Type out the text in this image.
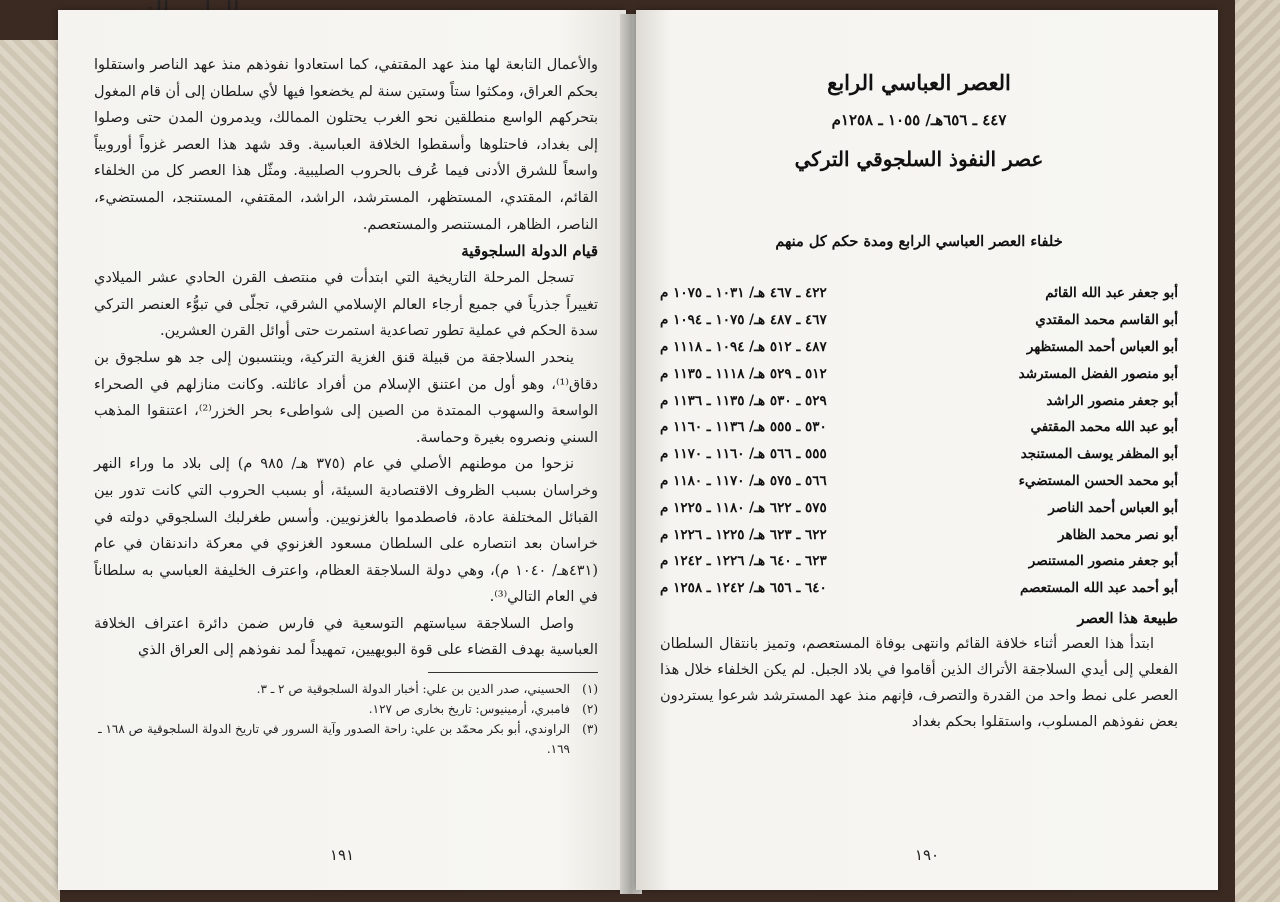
والأعمال التابعة لها منذ عهد المقتفي، كما استعادوا نفوذهم منذ عهد الناصر واستقلوا بحكم العراق، ومكثوا ستاً وستين سنة لم يخضعوا فيها لأي سلطان إلى أن قام المغول بتحركهم الواسع منطلقين نحو الغرب يحتلون الممالك، ويدمرون المدن حتى وصلوا إلى بغداد، فاحتلوها وأسقطوا الخلافة العباسية. وقد شهد هذا العصر غزواً أوروبياً واسعاً للشرق الأدنى فيما عُرف بالحروب الصليبية. ومثّل هذا العصر كل من الخلفاء القائم، المقتدي، المستظهر، المسترشد، الراشد، المقتفي، المستنجد، المستضيء، الناصر، الظاهر، المستنصر والمستعصم.

قيام الدولة السلجوقية

تسجل المرحلة التاريخية التي ابتدأت في منتصف القرن الحادي عشر الميلادي تغييراً جذرياً في جميع أرجاء العالم الإسلامي الشرقي، تجلّى في تبوُّء العنصر التركي سدة الحكم في عملية تطور تصاعدية استمرت حتى أوائل القرن العشرين.

ينحدر السلاجقة من قبيلة قنق الغزية التركية، وينتسبون إلى جد هو سلجوق بن دقاق⁽¹⁾، وهو أول من اعتنق الإسلام من أفراد عائلته. وكانت منازلهم في الصحراء الواسعة والسهوب الممتدة من الصين إلى شواطىء بحر الخزر⁽²⁾، اعتنقوا المذهب السني ونصروه بغيرة وحماسة.

نزحوا من موطنهم الأصلي في عام (٣٧٥ هـ/ ٩٨٥ م) إلى بلاد ما وراء النهر وخراسان بسبب الظروف الاقتصادية السيئة، أو بسبب الحروب التي كانت تدور بين القبائل المختلفة عادة، فاصطدموا بالغزنويين. وأسس طغرلبك السلجوقي دولته في خراسان بعد انتصاره على السلطان مسعود الغزنوي في معركة داندنقان في عام (٤٣١هـ/ ١٠٤٠ م)، وهي دولة السلاجقة العظام، واعترف الخليفة العباسي به سلطاناً في العام التالي⁽³⁾.

واصل السلاجقة سياستهم التوسعية في فارس ضمن دائرة اعتراف الخلافة العباسية بهدف القضاء على قوة البويهيين، تمهيداً لمد نفوذهم إلى العراق الذي

(١)
الحسيني، صدر الدين بن علي: أخبار الدولة السلجوقية ص ٢ ـ ٣.

(٢)
فامبري، أرمينيوس: تاريخ بخارى ص ١٢٧.

(٣)
الراوندي، أبو بكر محمّد بن علي: راحة الصدور وآية السرور في تاريخ الدولة السلجوقية ص ١٦٨ ـ ١٦٩.

١٩١

العصر العباسي الرابع

٤٤٧ ـ ٦٥٦هـ/ ١٠٥٥ ـ ١٢٥٨م

عصر النفوذ السلجوقي التركي

خلفاء العصر العباسي الرابع ومدة حكم كل منهم

أبو جعفر عبد الله القائم
٤٢٢ ـ ٤٦٧ هـ/ ١٠٣١ ـ ١٠٧٥ م
أبو القاسم محمد المقتدي
٤٦٧ ـ ٤٨٧ هـ/ ١٠٧٥ ـ ١٠٩٤ م
أبو العباس أحمد المستظهر
٤٨٧ ـ ٥١٢ هـ/ ١٠٩٤ ـ ١١١٨ م
أبو منصور الفضل المسترشد
٥١٢ ـ ٥٢٩ هـ/ ١١١٨ ـ ١١٣٥ م
أبو جعفر منصور الراشد
٥٢٩ ـ ٥٣٠ هـ/ ١١٣٥ ـ ١١٣٦ م
أبو عبد الله محمد المقتفي
٥٣٠ ـ ٥٥٥ هـ/ ١١٣٦ ـ ١١٦٠ م
أبو المظفر يوسف المستنجد
٥٥٥ ـ ٥٦٦ هـ/ ١١٦٠ ـ ١١٧٠ م
أبو محمد الحسن المستضيء
٥٦٦ ـ ٥٧٥ هـ/ ١١٧٠ ـ ١١٨٠ م
أبو العباس أحمد الناصر
٥٧٥ ـ ٦٢٢ هـ/ ١١٨٠ ـ ١٢٢٥ م
أبو نصر محمد الظاهر
٦٢٢ ـ ٦٢٣ هـ/ ١٢٢٥ ـ ١٢٢٦ م
أبو جعفر منصور المستنصر
٦٢٣ ـ ٦٤٠ هـ/ ١٢٢٦ ـ ١٢٤٢ م
أبو أحمد عبد الله المستعصم
٦٤٠ ـ ٦٥٦ هـ/ ١٢٤٢ ـ ١٢٥٨ م

طبيعة هذا العصر

ابتدأ هذا العصر أثناء خلافة القائم وانتهى بوفاة المستعصم، وتميز بانتقال السلطان الفعلي إلى أيدي السلاجقة الأتراك الذين أقاموا في بلاد الجبل. لم يكن الخلفاء خلال هذا العصر على نمط واحد من القدرة والتصرف، فإنهم منذ عهد المسترشد شرعوا يستردون بعض نفوذهم المسلوب، واستقلوا بحكم بغداد

١٩٠
